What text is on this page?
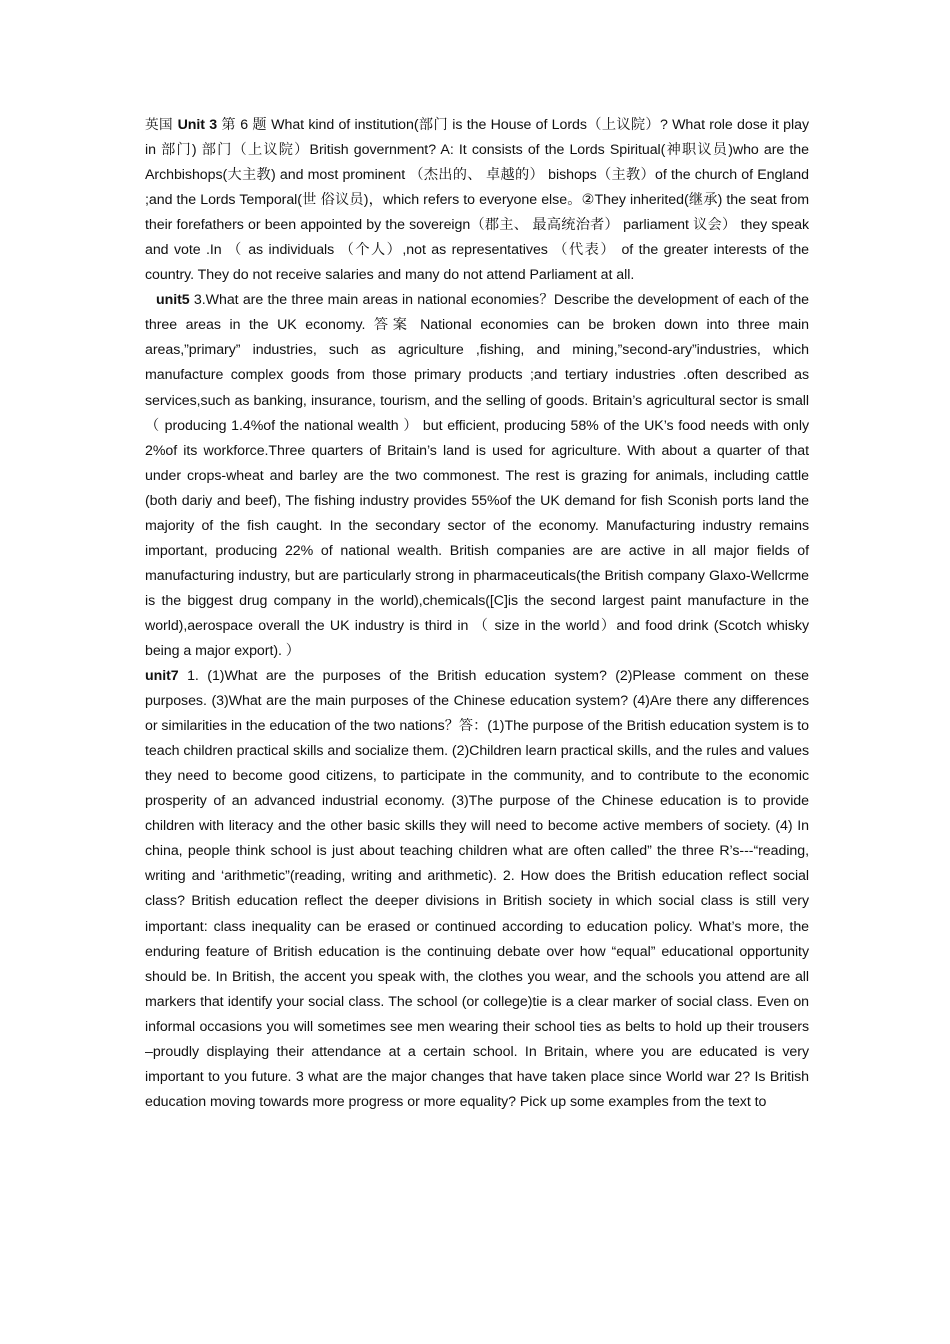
英国 Unit 3 第 6 题 What kind of institution(部门 is the House of Lords（上议院）? What role dose it play in 部门) 部门（上议院）British government? A: It consists of the Lords Spiritual(神职议员)who are the Archbishops(大主教) and most prominent （杰出的、 卓越的） bishops（主教）of the church of England ;and the Lords Temporal(世 俗议员)，which refers to everyone else。②They inherited(继承) the seat from their forefathers or been appointed by the sovereign（郡主、 最高统治者） parliament 议会） they speak and vote .In （ as individuals （个人）,not as representatives （代表） of the greater interests of the country. They do not receive salaries and many do not attend Parliament at all.

unit5 3.What are the three main areas in national economies？Describe the development of each of the three areas in the UK economy. 答案 National economies can be broken down into three main areas,”primary” industries, such as agriculture ,fishing, and mining,”second-ary”industries, which manufacture complex goods from those primary products ;and tertiary industries .often described as services,such as banking, insurance, tourism, and the selling of goods. Britain’s agricultural sector is small （ producing 1.4%of the national wealth ） but efficient, producing 58% of the UK’s food needs with only 2%of its workforce.Three quarters of Britain’s land is used for agriculture. With about a quarter of that under crops-wheat and barley are the two commonest. The rest is grazing for animals, including cattle (both dariy and beef), The fishing industry provides 55%of the UK demand for fish Sconish ports land the majority of the fish caught. In the secondary sector of the economy. Manufacturing industry remains important, producing 22% of national wealth. British companies are are active in all major fields of manufacturing industry, but are particularly strong in pharmaceuticals(the British company Glaxo-Wellcrme is the biggest drug company in the world),chemicals([C]is the second largest paint manufacture in the world),aerospace overall the UK industry is third in （ size in the world）and food drink (Scotch whisky being a major export). ）

unit7 1. (1)What are the purposes of the British education system? (2)Please comment on these purposes. (3)What are the main purposes of the Chinese education system? (4)Are there any differences or similarities in the education of the two nations？答：(1)The purpose of the British education system is to teach children practical skills and socialize them. (2)Children learn practical skills, and the rules and values they need to become good citizens, to participate in the community, and to contribute to the economic prosperity of an advanced industrial economy. (3)The purpose of the Chinese education is to provide children with literacy and the other basic skills they will need to become active members of society. (4) In china, people think school is just about teaching children what are often called” the three R’s---“reading, writing and ‘arithmetic”(reading, writing and arithmetic). 2. How does the British education reflect social class? British education reflect the deeper divisions in British society in which social class is still very important: class inequality can be erased or continued according to education policy. What’s more, the enduring feature of British education is the continuing debate over how “equal” educational opportunity should be. In British, the accent you speak with, the clothes you wear, and the schools you attend are all markers that identify your social class. The school (or college)tie is a clear marker of social class. Even on informal occasions you will sometimes see men wearing their school ties as belts to hold up their trousers –proudly displaying their attendance at a certain school. In Britain, where you are educated is very important to you future. 3 what are the major changes that have taken place since World war 2? Is British education moving towards more progress or more equality? Pick up some examples from the text to
